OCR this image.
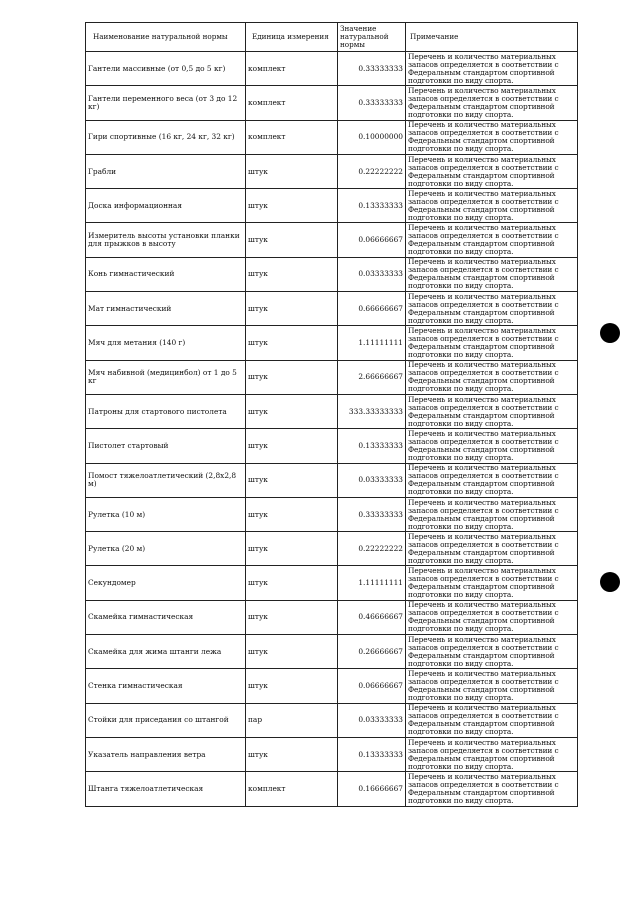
Наименование натуральной нормы	Единица измерения	Значение натуральной нормы	Примечание
Гантели массивные (от 0,5 до 5 кг)	комплект	0.33333333	Перечень и количество материальных запасов определяется в соответствии с Федеральным стандартом спортивной подготовки по виду спорта.
Гантели переменного веса (от 3 до 12 кг)	комплект	0.33333333	Перечень и количество материальных запасов определяется в соответствии с Федеральным стандартом спортивной подготовки по виду спорта.
Гири спортивные (16 кг, 24 кг, 32 кг)	комплект	0.10000000	Перечень и количество материальных запасов определяется в соответствии с Федеральным стандартом спортивной подготовки по виду спорта.
Грабли	штук	0.22222222	Перечень и количество материальных запасов определяется в соответствии с Федеральным стандартом спортивной подготовки по виду спорта.
Доска информационная	штук	0.13333333	Перечень и количество материальных запасов определяется в соответствии с Федеральным стандартом спортивной подготовки по виду спорта.
Измеритель высоты установки планки для прыжков в высоту	штук	0.06666667	Перечень и количество материальных запасов определяется в соответствии с Федеральным стандартом спортивной подготовки по виду спорта.
Конь гимнастический	штук	0.03333333	Перечень и количество материальных запасов определяется в соответствии с Федеральным стандартом спортивной подготовки по виду спорта.
Мат гимнастический	штук	0.66666667	Перечень и количество материальных запасов определяется в соответствии с Федеральным стандартом спортивной подготовки по виду спорта.
Мяч для метания (140 г)	штук	1.11111111	Перечень и количество материальных запасов определяется в соответствии с Федеральным стандартом спортивной подготовки по виду спорта.
Мяч набивной (медицинбол) от 1 до 5 кг	штук	2.66666667	Перечень и количество материальных запасов определяется в соответствии с Федеральным стандартом спортивной подготовки по виду спорта.
Патроны для стартового пистолета	штук	333.33333333	Перечень и количество материальных запасов определяется в соответствии с Федеральным стандартом спортивной подготовки по виду спорта.
Пистолет стартовый	штук	0.13333333	Перечень и количество материальных запасов определяется в соответствии с Федеральным стандартом спортивной подготовки по виду спорта.
Помост тяжелоатлетический (2,8х2,8 м)	штук	0.03333333	Перечень и количество материальных запасов определяется в соответствии с Федеральным стандартом спортивной подготовки по виду спорта.
Рулетка (10 м)	штук	0.33333333	Перечень и количество материальных запасов определяется в соответствии с Федеральным стандартом спортивной подготовки по виду спорта.
Рулетка (20 м)	штук	0.22222222	Перечень и количество материальных запасов определяется в соответствии с Федеральным стандартом спортивной подготовки по виду спорта.
Секундомер	штук	1.11111111	Перечень и количество материальных запасов определяется в соответствии с Федеральным стандартом спортивной подготовки по виду спорта.
Скамейка гимнастическая	штук	0.46666667	Перечень и количество материальных запасов определяется в соответствии с Федеральным стандартом спортивной подготовки по виду спорта.
Скамейка для жима штанги лежа	штук	0.26666667	Перечень и количество материальных запасов определяется в соответствии с Федеральным стандартом спортивной подготовки по виду спорта.
Стенка гимнастическая	штук	0.06666667	Перечень и количество материальных запасов определяется в соответствии с Федеральным стандартом спортивной подготовки по виду спорта.
Стойки для приседания со штангой	пар	0.03333333	Перечень и количество материальных запасов определяется в соответствии с Федеральным стандартом спортивной подготовки по виду спорта.
Указатель направления ветра	штук	0.13333333	Перечень и количество материальных запасов определяется в соответствии с Федеральным стандартом спортивной подготовки по виду спорта.
Штанга тяжелоатлетическая	комплект	0.16666667	Перечень и количество материальных запасов определяется в соответствии с Федеральным стандартом спортивной подготовки по виду спорта.
